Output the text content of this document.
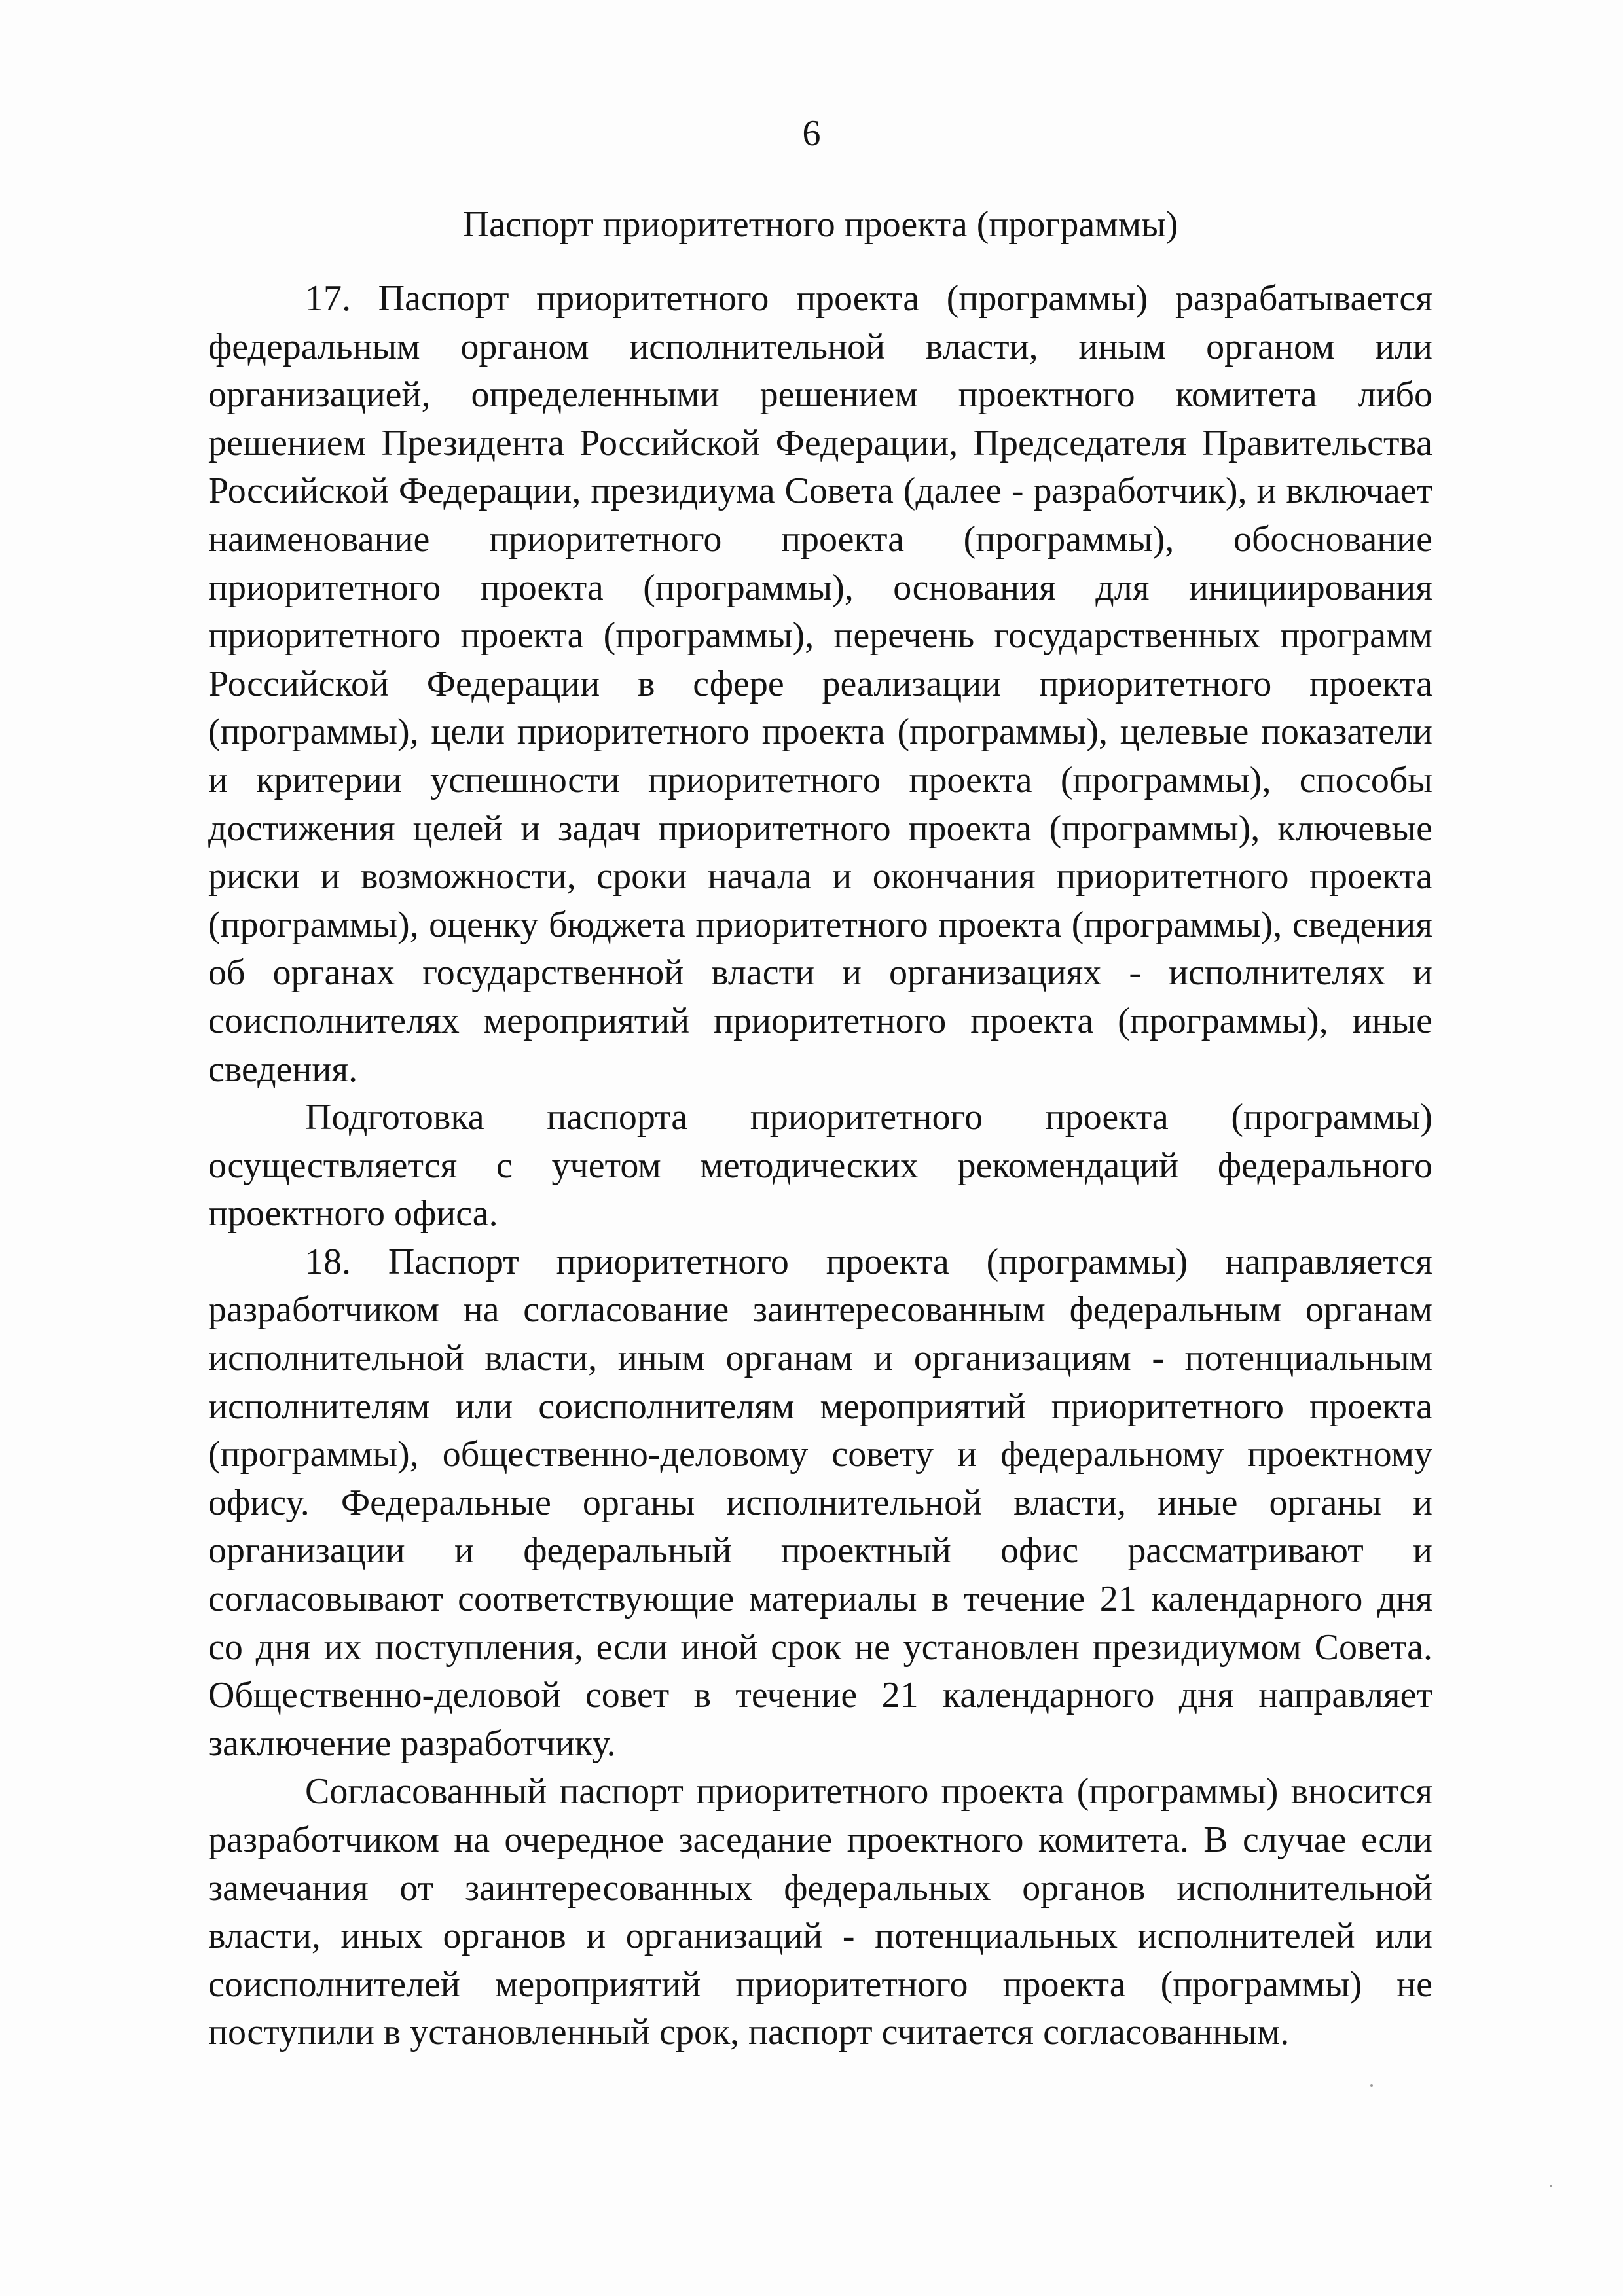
6
Паспорт приоритетного проекта (программы)

17. Паспорт приоритетного проекта (программы) разрабатывается федеральным органом исполнительной власти, иным органом или организацией, определенными решением проектного комитета либо решением Президента Российской Федерации, Председателя Правительства Российской Федерации, президиума Совета (далее - разработчик), и включает наименование приоритетного проекта (программы), обоснование приоритетного проекта (программы), основания для инициирования приоритетного проекта (программы), перечень государственных программ Российской Федерации в сфере реализации приоритетного проекта (программы), цели приоритетного проекта (программы), целевые показатели и критерии успешности приоритетного проекта (программы), способы достижения целей и задач приоритетного проекта (программы), ключевые риски и возможности, сроки начала и окончания приоритетного проекта (программы), оценку бюджета приоритетного проекта (программы), сведения об органах государственной власти и организациях - исполнителях и соисполнителях мероприятий приоритетного проекта (программы), иные сведения.

Подготовка паспорта приоритетного проекта (программы) осуществляется с учетом методических рекомендаций федерального проектного офиса.

18. Паспорт приоритетного проекта (программы) направляется разработчиком на согласование заинтересованным федеральным органам исполнительной власти, иным органам и организациям - потенциальным исполнителям или соисполнителям мероприятий приоритетного проекта (программы), общественно-деловому совету и федеральному проектному офису. Федеральные органы исполнительной власти, иные органы и организации и федеральный проектный офис рассматривают и согласовывают соответствующие материалы в течение 21 календарного дня со дня их поступления, если иной срок не установлен президиумом Совета. Общественно-деловой совет в течение 21 календарного дня направляет заключение разработчику.

Согласованный паспорт приоритетного проекта (программы) вносится разработчиком на очередное заседание проектного комитета. В случае если замечания от заинтересованных федеральных органов исполнительной власти, иных органов и организаций - потенциальных исполнителей или соисполнителей мероприятий приоритетного проекта (программы) не поступили в установленный срок, паспорт считается согласованным.
